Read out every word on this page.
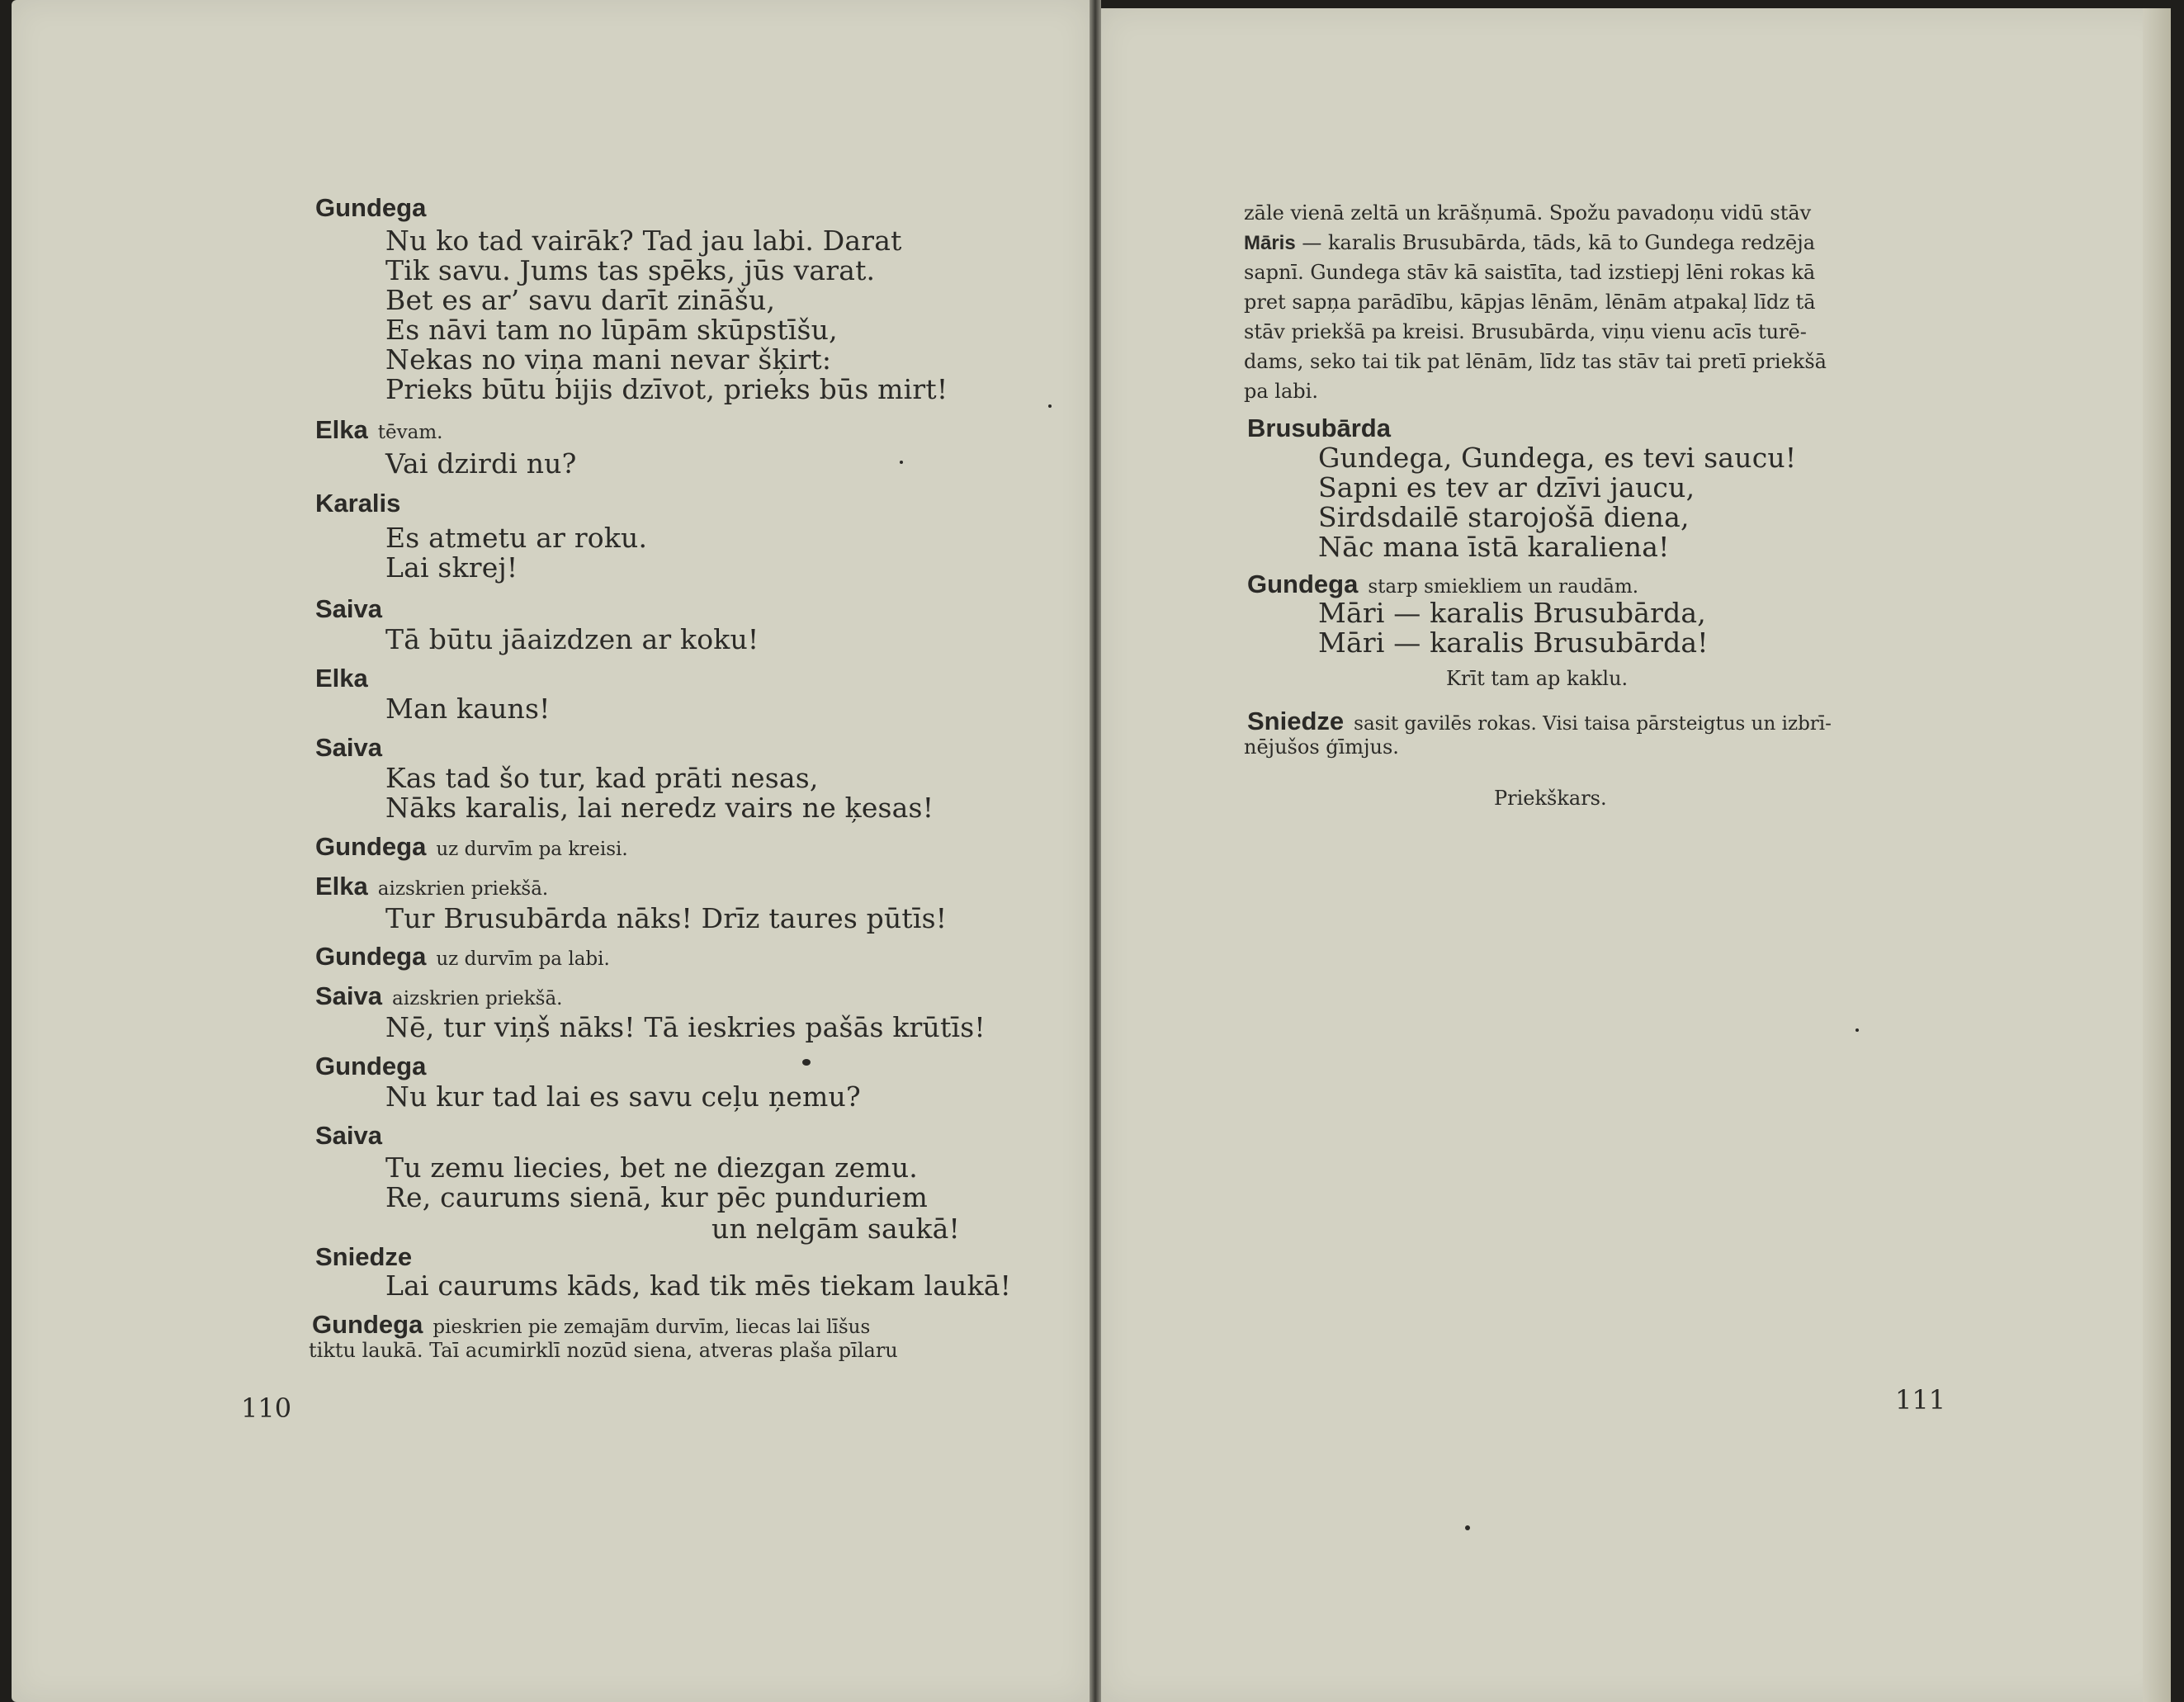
Gundega
Nu ko tad vairāk? Tad jau labi. Darat
Tik savu. Jums tas spēks, jūs varat.
Bet es ar’ savu darīt zināšu,
Es nāvi tam no lūpām skūpstīšu,
Nekas no viņa mani nevar šķirt:
Prieks būtu bijis dzīvot, prieks būs mirt!
Elka tēvam.
Vai dzirdi nu?
Karalis
Es atmetu ar roku.
Lai skrej!
Saiva
Tā būtu jāaizdzen ar koku!
Elka
Man kauns!
Saiva
Kas tad šo tur, kad prāti nesas,
Nāks karalis, lai neredz vairs ne ķesas!
Gundega uz durvīm pa kreisi.
Elka aizskrien priekšā.
Tur Brusubārda nāks! Drīz taures pūtīs!
Gundega uz durvīm pa labi.
Saiva aizskrien priekšā.
Nē, tur viņš nāks! Tā ieskries pašās krūtīs!
Gundega
Nu kur tad lai es savu ceļu ņemu?
Saiva
Tu zemu liecies, bet ne diezgan zemu.
Re, caurums sienā, kur pēc punduriem
un nelgām saukā!
Sniedze
Lai caurums kāds, kad tik mēs tiekam laukā!
Gundega pieskrien pie zemajām durvīm, liecas lai līšus
tiktu laukā. Taī acumirklī nozūd siena, atveras plaša pīlaru
110
zāle vienā zeltā un krāšņumā. Spožu pavadoņu vidū stāv
Māris — karalis Brusubārda, tāds, kā to Gundega redzēja
sapnī. Gundega stāv kā saistīta, tad izstiepj lēni rokas kā
pret sapņa parādību, kāpjas lēnām, lēnām atpakaļ līdz tā
stāv priekšā pa kreisi. Brusubārda, viņu vienu acīs turē-
dams, seko tai tik pat lēnām, līdz tas stāv tai pretī priekšā
pa labi.
Brusubārda
Gundega, Gundega, es tevi saucu!
Sapni es tev ar dzīvi jaucu,
Sirdsdailē starojošā diena,
Nāc mana īstā karaliena!
Gundega starp smiekliem un raudām.
Māri — karalis Brusubārda,
Māri — karalis Brusubārda!
Krīt tam ap kaklu.
Sniedze sasit gavilēs rokas. Visi taisa pārsteigtus un izbrī-
nējušos ģīmjus.
Priekškars.
111
